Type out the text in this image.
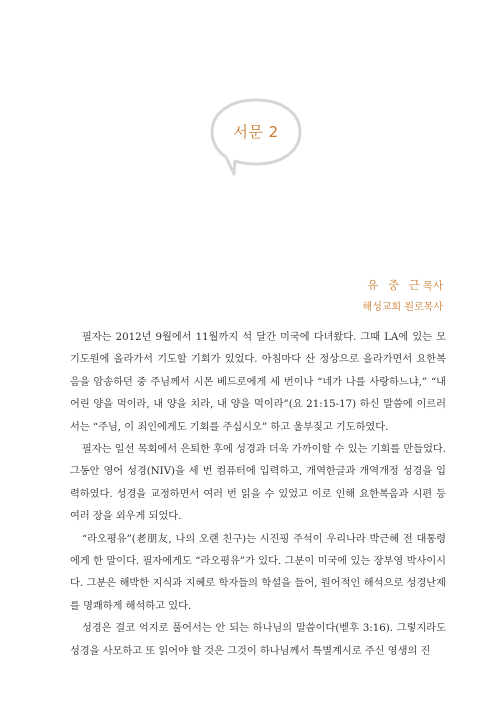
서문 2
유 중 근목사
해성교회 원로목사

필자는 2012년 9월에서 11월까지 석 달간 미국에 다녀왔다. 그때 LA에 있는 모 기도원에 올라가서 기도할 기회가 있었다. 아침마다 산 정상으로 올라가면서 요한복음을 암송하던 중 주님께서 시몬 베드로에게 세 번이나 “네가 나를 사랑하느냐,” “내 어린 양을 먹이라, 내 양을 치라, 내 양을 먹이라”(요 21:15-17) 하신 말씀에 이르러서는 “주님, 이 죄인에게도 기회를 주십시오” 하고 울부짖고 기도하였다.

필자는 일선 목회에서 은퇴한 후에 성경과 더욱 가까이할 수 있는 기회를 만들었다. 그동안 영어 성경(NIV)을 세 번 컴퓨터에 입력하고, 개역한글과 개역개정 성경을 입력하였다. 성경을 교정하면서 여러 번 읽을 수 있었고 이로 인해 요한복음과 시편 등 여러 장을 외우게 되었다.

“라오평유”(老朋友, 나의 오랜 친구)는 시진핑 주석이 우리나라 박근혜 전 대통령에게 한 말이다. 필자에게도 “라오평유”가 있다. 그분이 미국에 있는 장부영 박사이시다. 그분은 해박한 지식과 지혜로 학자들의 학설을 들어, 원어적인 해석으로 성경난제를 명쾌하게 해석하고 있다.

성경은 결코 억지로 풀어서는 안 되는 하나님의 말씀이다(벧후 3:16). 그렇지라도 성경을 사모하고 또 읽어야 할 것은 그것이 하나님께서 특별계시로 주신 영생의 진
